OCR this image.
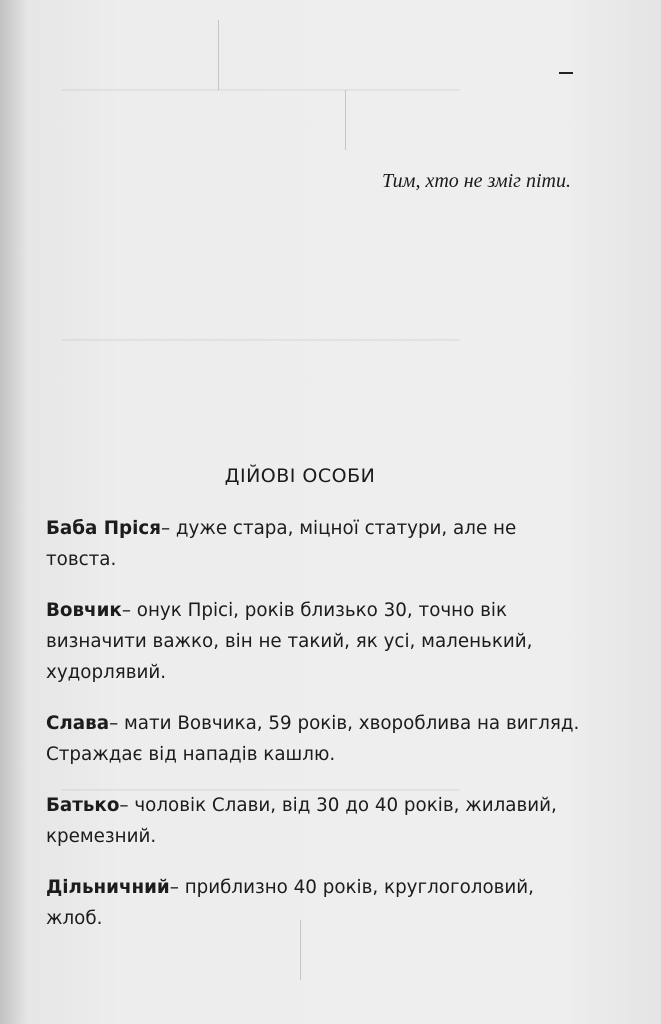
─────────────────────────────────
─────────────────────────────────
─────────────────────────────────
Тим, хто не зміг піти.
ДІЙОВІ ОСОБИ
Баба Пріся– дуже стара, міцної статури, але не товста.
Вовчик– онук Прісі, років близько 30, точно вік визначити важко, він не такий, як усі, маленький, худорлявий.
Слава– мати Вовчика, 59 років, хвороблива на вигляд. Страждає від нападів кашлю.
Батько– чоловік Слави, від 30 до 40 років, жилавий, кремезний.
Дільничний– приблизно 40 років, круглоголовий, жлоб.
